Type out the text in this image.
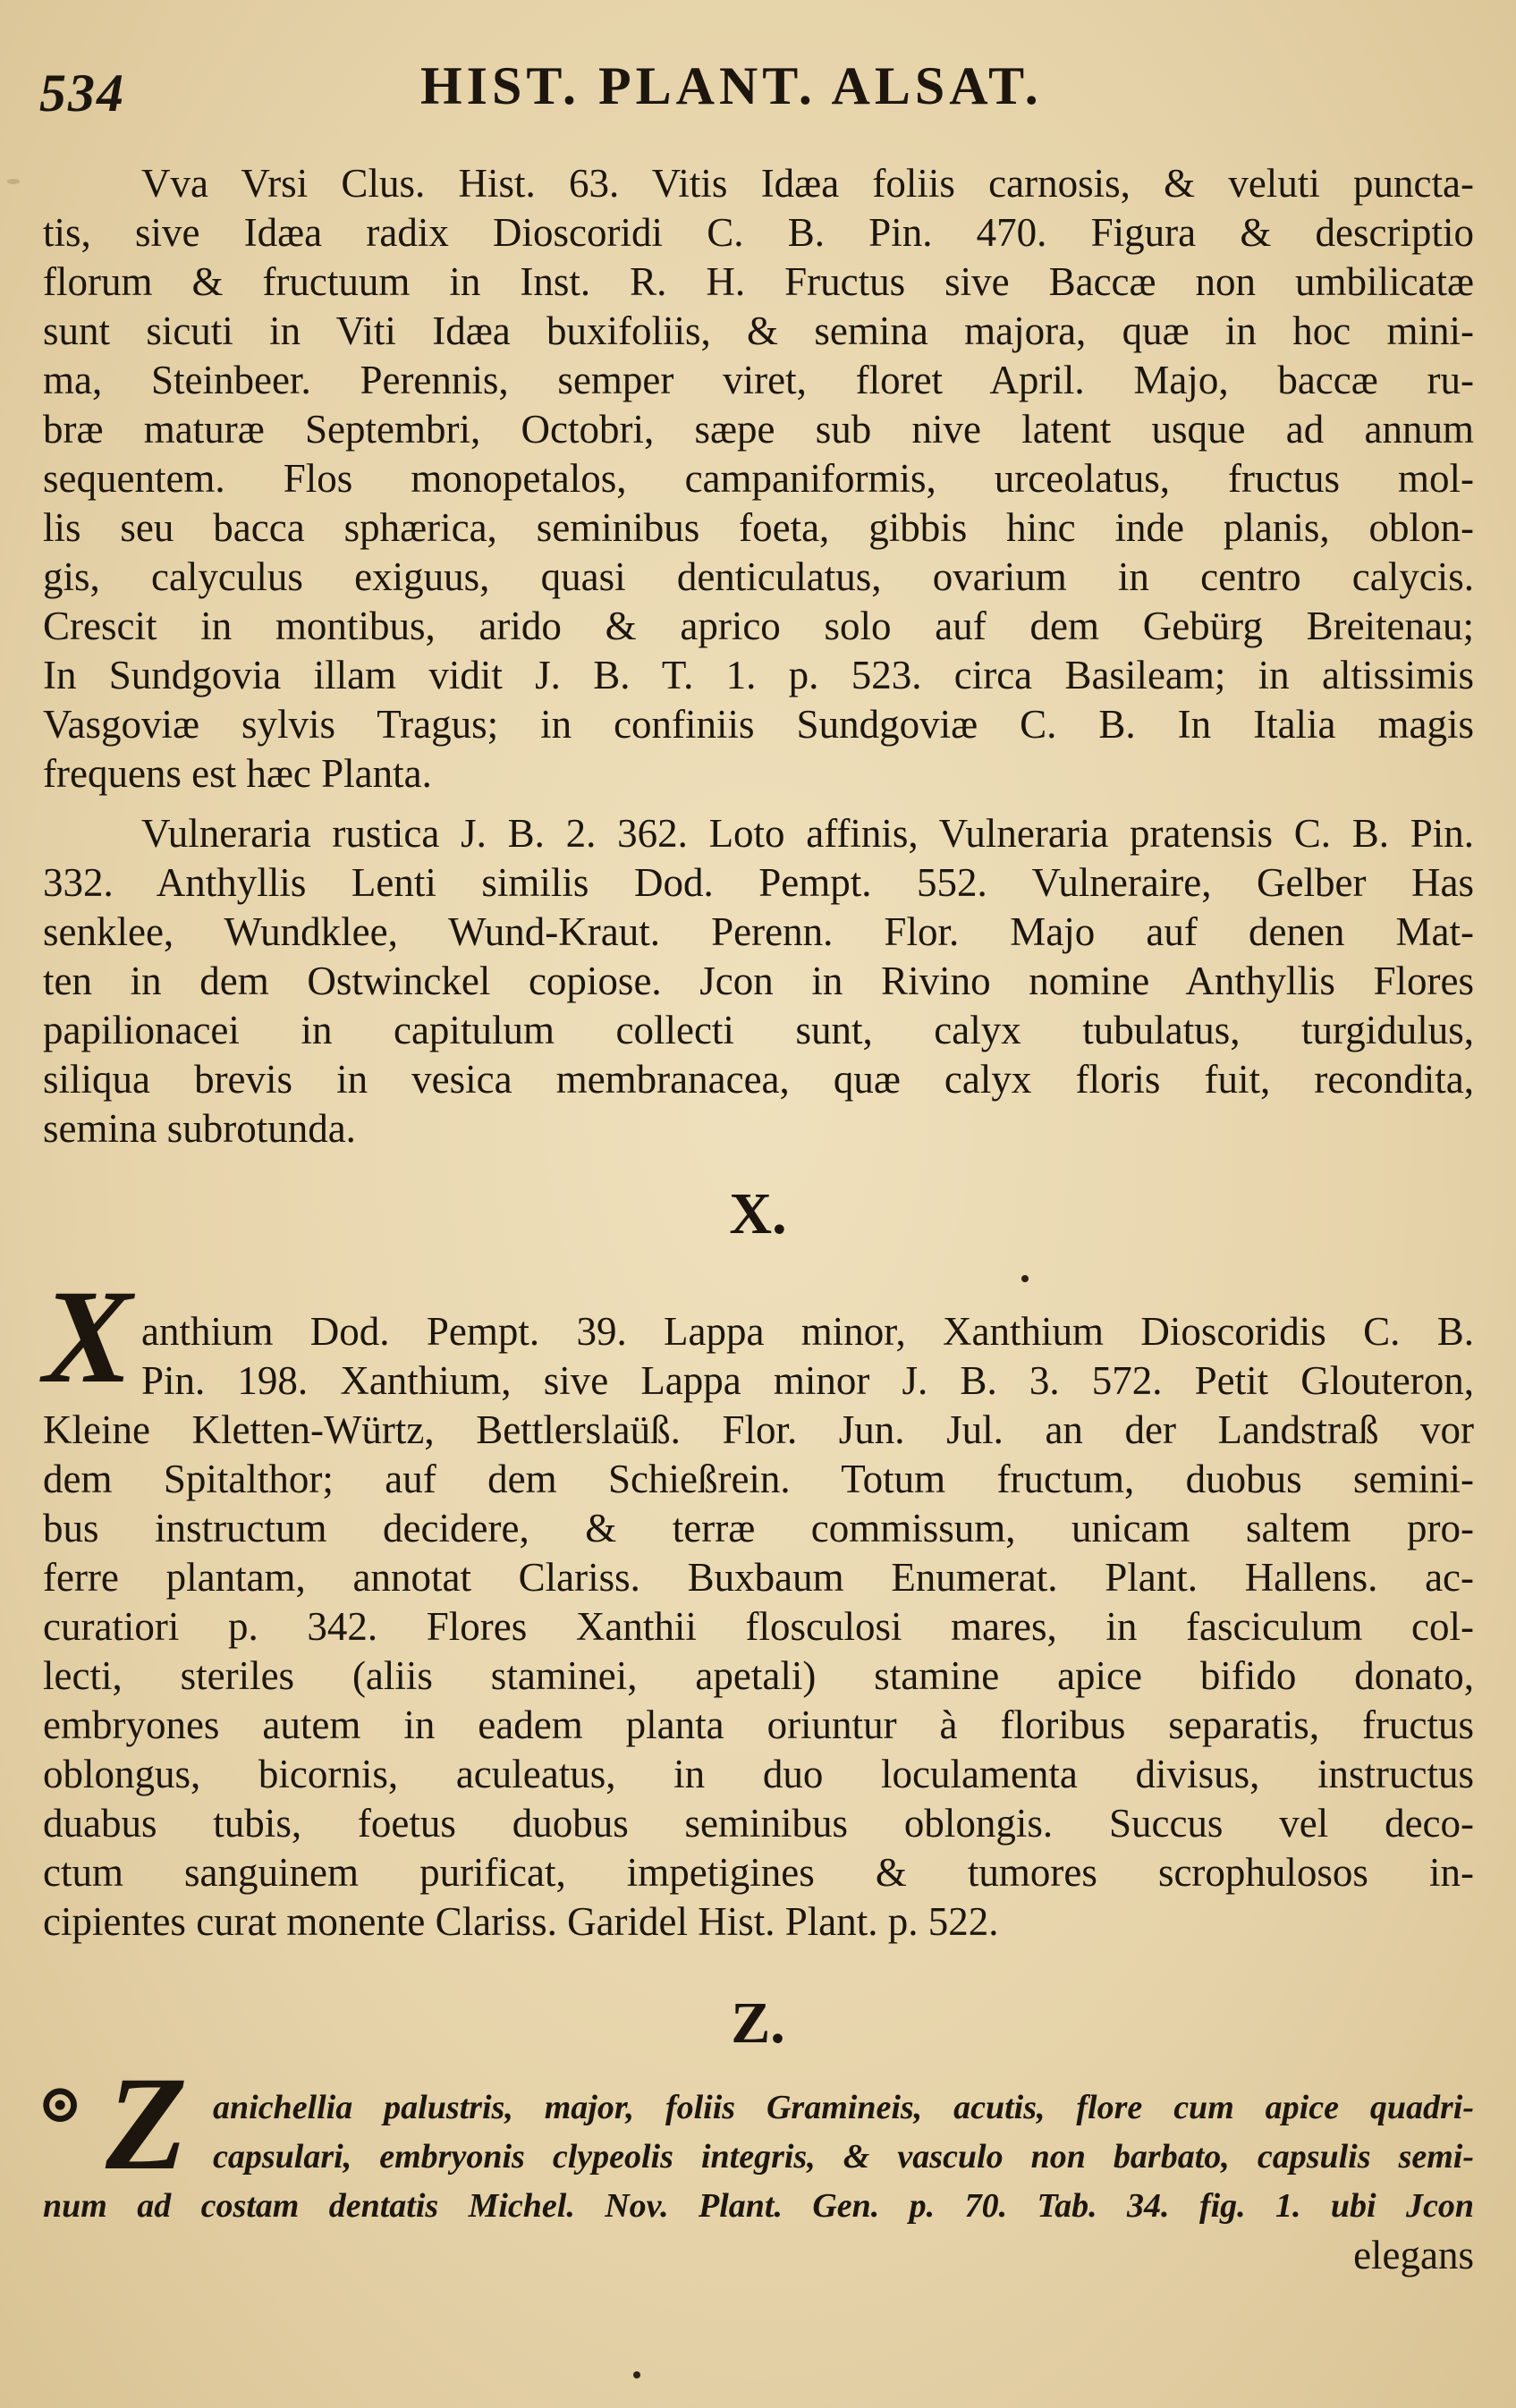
534	HIST. PLANT. ALSAT.
Vva Vrsi Clus. Hist. 63. Vitis Idæa foliis carnosis, & veluti puncta-
tis, sive Idæa radix Dioscoridi C. B. Pin. 470. Figura & descriptio
florum & fructuum in Inst. R. H. Fructus sive Baccæ non umbilicatæ
sunt sicuti in Viti Idæa buxifoliis, & semina majora, quæ in hoc mini-
ma, Steinbeer. Perennis, semper viret, floret April. Majo, baccæ ru-
bræ maturæ Septembri, Octobri, sæpe sub nive latent usque ad annum
sequentem. Flos monopetalos, campaniformis, urceolatus, fructus mol-
lis seu bacca sphærica, seminibus foeta, gibbis hinc inde planis, oblon-
gis, calyculus exiguus, quasi denticulatus, ovarium in centro calycis.
Crescit in montibus, arido & aprico solo auf dem Gebürg Breitenau;
In Sundgovia illam vidit J. B. T. 1. p. 523. circa Basileam; in altissimis
Vasgoviæ sylvis Tragus; in confiniis Sundgoviæ C. B. In Italia magis
frequens est hæc Planta.
Vulneraria rustica J. B. 2. 362. Loto affinis, Vulneraria pratensis C. B. Pin.
332. Anthyllis Lenti similis Dod. Pempt. 552. Vulneraire, Gelber Has
senklee, Wundklee, Wund-Kraut. Perenn. Flor. Majo auf denen Mat-
ten in dem Ostwinckel copiose. Jcon in Rivino nomine Anthyllis Flores
papilionacei in capitulum collecti sunt, calyx tubulatus, turgidulus,
siliqua brevis in vesica membranacea, quæ calyx floris fuit, recondita,
semina subrotunda.
X.
X anthium Dod. Pempt. 39. Lappa minor, Xanthium Dioscoridis C. B.
Pin. 198. Xanthium, sive Lappa minor J. B. 3. 572. Petit Glouteron,
Kleine Kletten-Würtz, Bettlerslaüß. Flor. Jun. Jul. an der Landstraß vor
dem Spitalthor; auf dem Schießrein. Totum fructum, duobus semini-
bus instructum decidere, & terræ commissum, unicam saltem pro-
ferre plantam, annotat Clariss. Buxbaum Enumerat. Plant. Hallens. ac-
curatiori p. 342. Flores Xanthii flosculosi mares, in fasciculum col-
lecti, steriles (aliis staminei, apetali) stamine apice bifido donato,
embryones autem in eadem planta oriuntur à floribus separatis, fructus
oblongus, bicornis, aculeatus, in duo loculamenta divisus, instructus
duabus tubis, foetus duobus seminibus oblongis. Succus vel deco-
ctum sanguinem purificat, impetigines & tumores scrophulosos in-
cipientes curat monente Clariss. Garidel Hist. Plant. p. 522.
Z.
⊙ Z anichellia palustris, major, foliis Gramineis, acutis, flore cum apice quadri-
capsulari, embryonis clypeolis integris, & vasculo non barbato, capsulis semi-
num ad costam dentatis Michel. Nov. Plant. Gen. p. 70. Tab. 34. fig. 1. ubi Jcon
elegans
